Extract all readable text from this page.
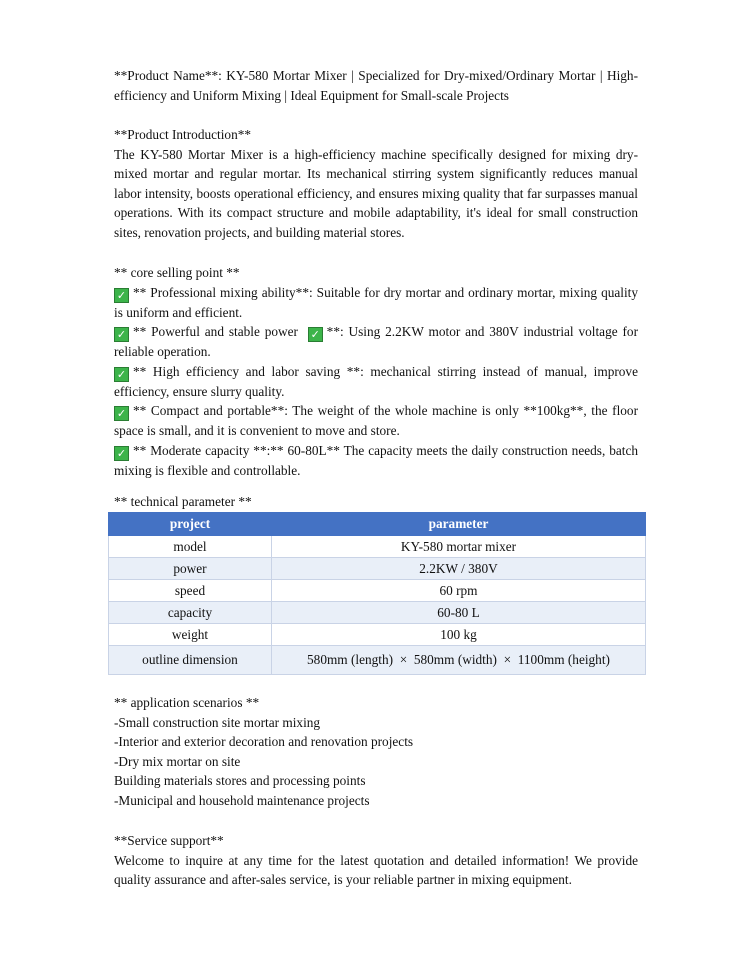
**Product Name**: KY-580 Mortar Mixer | Specialized for Dry-mixed/Ordinary Mortar | High-efficiency and Uniform Mixing | Ideal Equipment for Small-scale Projects

**Product Introduction**

The KY-580 Mortar Mixer is a high-efficiency machine specifically designed for mixing dry-mixed mortar and regular mortar. Its mechanical stirring system significantly reduces manual labor intensity, boosts operational efficiency, and ensures mixing quality that far surpasses manual operations. With its compact structure and mobile adaptability, it's ideal for small construction sites, renovation projects, and building material stores.

** core selling point **

✓ ** Professional mixing ability**: Suitable for dry mortar and ordinary mortar, mixing quality is uniform and efficient.

✓ ** Powerful and stable power ✓ **: Using 2.2KW motor and 380V industrial voltage for reliable operation.

✓ ** High efficiency and labor saving **: mechanical stirring instead of manual, improve efficiency, ensure slurry quality.

✓ ** Compact and portable**: The weight of the whole machine is only **100kg**, the floor space is small, and it is convenient to move and store.

✓ ** Moderate capacity **:** 60-80L** The capacity meets the daily construction needs, batch mixing is flexible and controllable.

** technical parameter **

project	parameter
model	KY-580 mortar mixer
power	2.2KW / 380V
speed	60 rpm
capacity	60-80 L
weight	100 kg
outline dimension	580mm (length)  ×  580mm (width)  ×  1100mm (height)

** application scenarios **

-Small construction site mortar mixing

-Interior and exterior decoration and renovation projects

-Dry mix mortar on site

Building materials stores and processing points

-Municipal and household maintenance projects

**Service support**

Welcome to inquire at any time for the latest quotation and detailed information! We provide quality assurance and after-sales service, is your reliable partner in mixing equipment.
